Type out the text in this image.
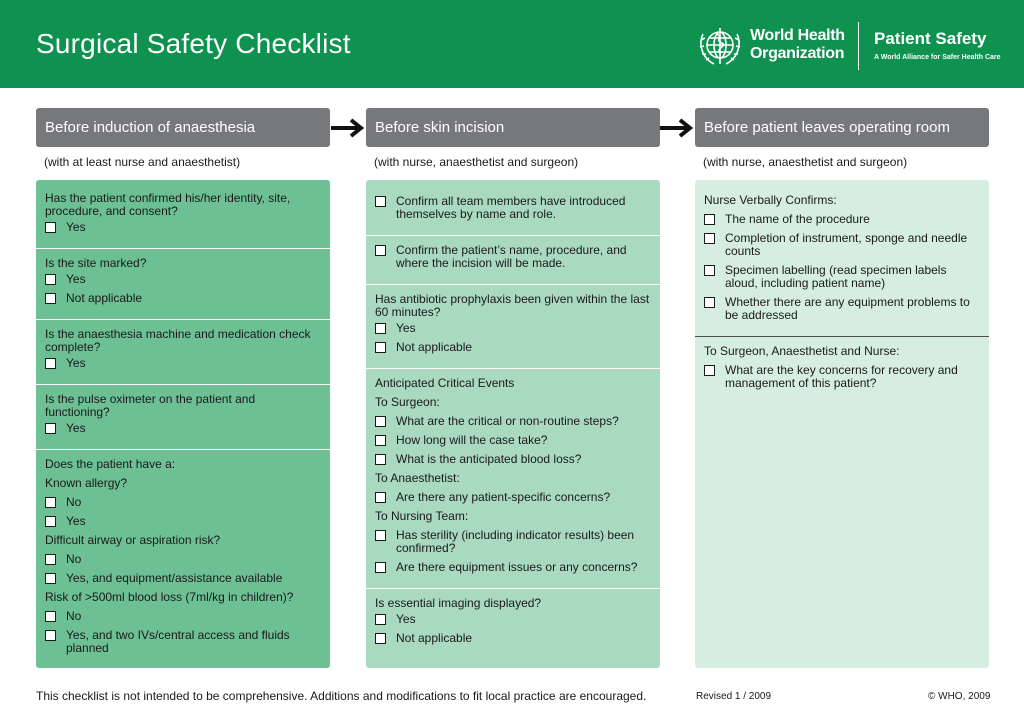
Surgical Safety Checklist	World Health
Organization
Patient Safety
A World Alliance for Safer Health Care
Before induction of anaesthesia	Before skin incision	Before patient leaves operating room
(with at least nurse and anaesthetist)	(with nurse, anaesthetist and surgeon)	(with nurse, anaesthetist and surgeon)
Has the patient confirmed his/her identity, site, procedure, and consent?
Yes
Is the site marked?
Yes
Not applicable
Is the anaesthesia machine and medication check complete?
Yes
Is the pulse oximeter on the patient and functioning?
Yes
Does the patient have a:
Known allergy?
No
Yes
Difficult airway or aspiration risk?
No
Yes, and equipment/assistance available
Risk of >500ml blood loss (7ml/kg in children)?
No
Yes, and two IVs/central access and fluids planned
Confirm all team members have introduced themselves by name and role.
Confirm the patient’s name, procedure, and where the incision will be made.
Has antibiotic prophylaxis been given within the last 60 minutes?
Yes
Not applicable
Anticipated Critical Events
To Surgeon:
What are the critical or non-routine steps?
How long will the case take?
What is the anticipated blood loss?
To Anaesthetist:
Are there any patient-specific concerns?
To Nursing Team:
Has sterility (including indicator results) been confirmed?
Are there equipment issues or any concerns?
Is essential imaging displayed?
Yes
Not applicable
Nurse Verbally Confirms:
The name of the procedure
Completion of instrument, sponge and needle counts
Specimen labelling (read specimen labels aloud, including patient name)
Whether there are any equipment problems to be addressed
To Surgeon, Anaesthetist and Nurse:
What are the key concerns for recovery and management of this patient?
This checklist is not intended to be comprehensive. Additions and modifications to fit local practice are encouraged.	Revised 1 / 2009	© WHO, 2009
